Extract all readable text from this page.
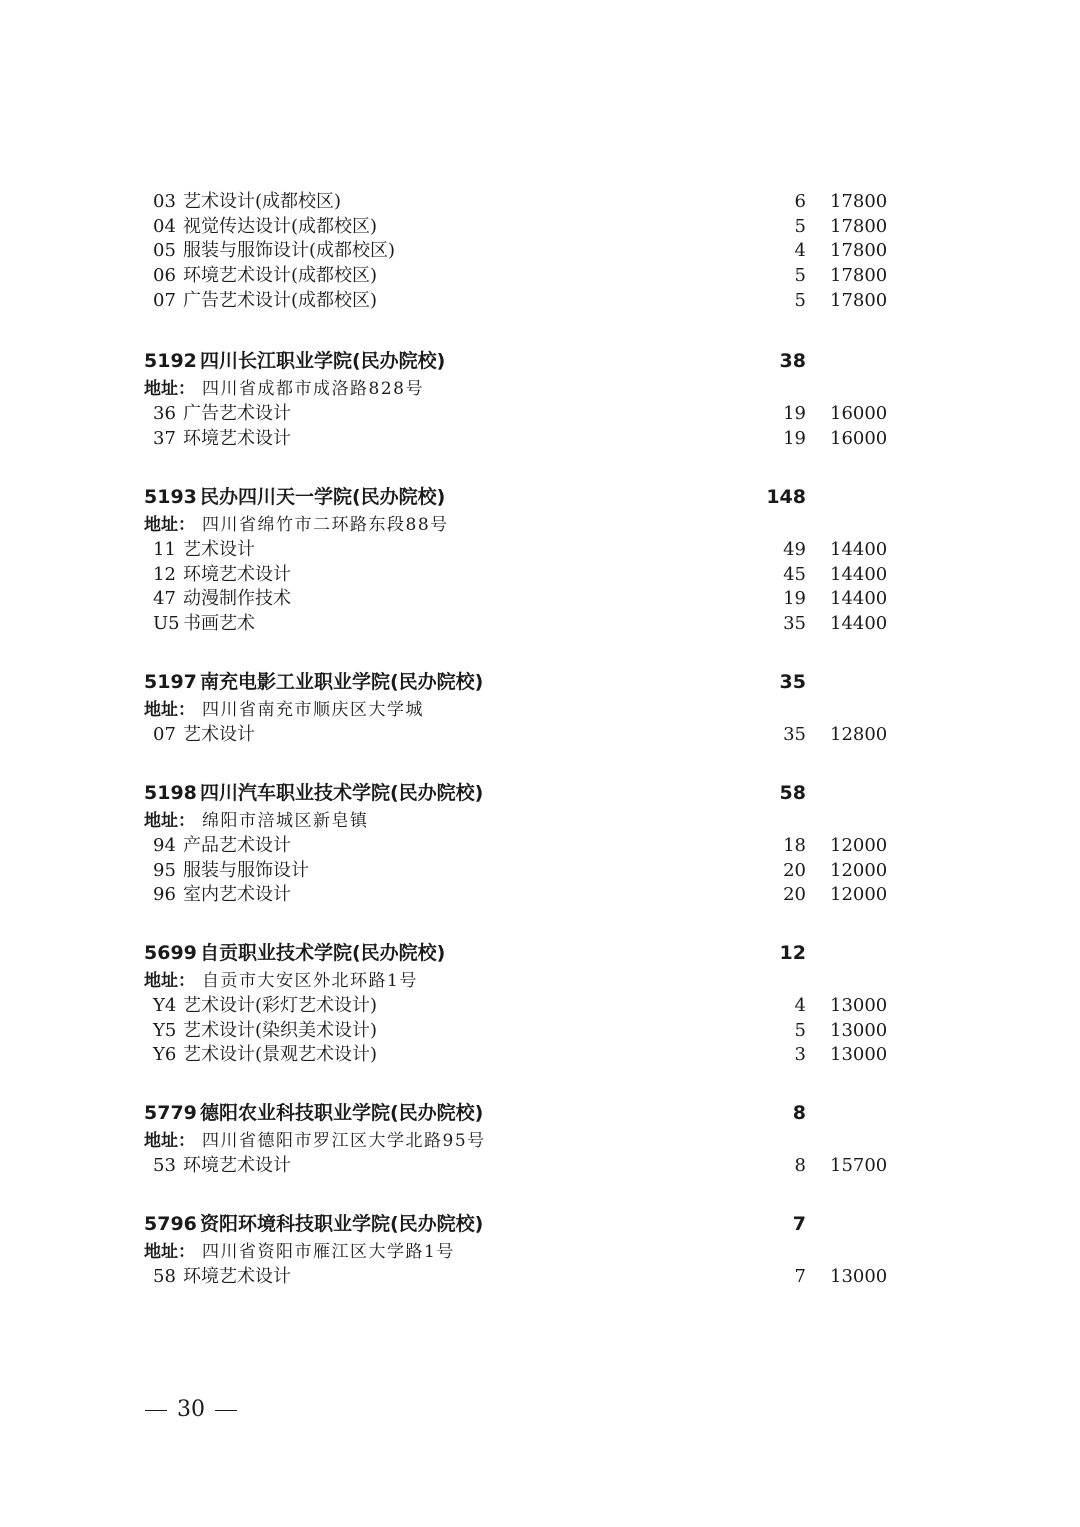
03 艺术设计(成都校区)	6 17800
04 视觉传达设计(成都校区)	5 17800
05 服装与服饰设计(成都校区)	4 17800
06 环境艺术设计(成都校区)	5 17800
07 广告艺术设计(成都校区)	5 17800
5192 四川长江职业学院(民办院校)	38
地址： 四川省成都市成洛路828号
36 广告艺术设计	19 16000
37 环境艺术设计	19 16000
5193 民办四川天一学院(民办院校)	148
地址： 四川省绵竹市二环路东段88号
11 艺术设计	49 14400
12 环境艺术设计	45 14400
47 动漫制作技术	19 14400
U5 书画艺术	35 14400
5197 南充电影工业职业学院(民办院校)	35
地址： 四川省南充市顺庆区大学城
07 艺术设计	35 12800
5198 四川汽车职业技术学院(民办院校)	58
地址： 绵阳市涪城区新皂镇
94 产品艺术设计	18 12000
95 服装与服饰设计	20 12000
96 室内艺术设计	20 12000
5699 自贡职业技术学院(民办院校)	12
地址： 自贡市大安区外北环路1号
Y4 艺术设计(彩灯艺术设计)	4 13000
Y5 艺术设计(染织美术设计)	5 13000
Y6 艺术设计(景观艺术设计)	3 13000
5779 德阳农业科技职业学院(民办院校)	8
地址： 四川省德阳市罗江区大学北路95号
53 环境艺术设计	8 15700
5796 资阳环境科技职业学院(民办院校)	7
地址： 四川省资阳市雁江区大学路1号
58 环境艺术设计	7 13000
30
